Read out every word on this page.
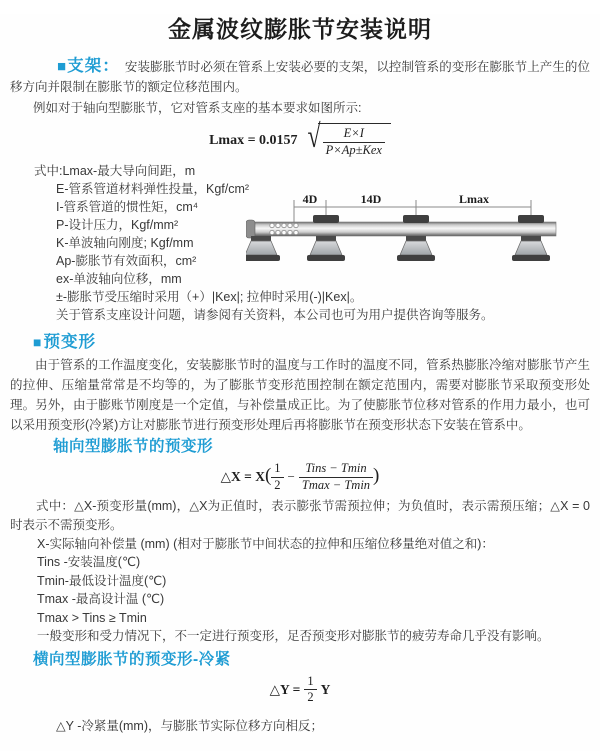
金属波纹膨胀节安装说明

■支架： 安装膨胀节时必须在管系上安装必要的支架，以控制管系的变形在膨胀节上产生的位移方向并限制在膨胀节的额定位移范围内。

例如对于轴向型膨胀节，它对管系支座的基本要求如图所示:

Lmax = 0.0157 √ $\frac{E\times I}{\text{P×Ap±Kex}}$

式中:Lmax-最大导向间距，m

E-管系管道材料弹性投量，Kgf/cm²

I-管系管道的惯性矩，cm⁴

P-设计压力，Kgf/mm²

K-单波轴向刚度; Kgf/mm

Ap-膨胀节有效面积，cm²

ex-单波轴向位移，mm

±-膨胀节受压缩时采用（+）|Kex|; 拉伸时采用(-)|Kex|。

关于管系支座设计问题，请参阅有关资料，本公司也可为用户提供咨询等服务。

4D	14D	Lmax
■预变形

由于管系的工作温度变化，安装膨胀节时的温度与工作时的温度不同，管系热膨胀冷缩对膨胀节产生的拉伸、压缩量常常是不均等的，为了膨胀节变形范围控制在额定范围内，需要对膨胀节采取预变形处理。另外，由于膨账节刚度是一个定值，与补偿量成正比。为了使膨胀节位移对管系的作用力最小，也可以采用预变形(冷紧)方让对膨胀节进行预变形处理后再将膨胀节在预变形状态下安装在管系中。

轴向型膨胀节的预变形
△X = $X( \frac{1}{2} - \frac{\text{Tins − Tmin}}{Tmax - Tmin}$ )

式中：△X-预变形量(mm)，△X为正值时，表示膨张节需预拉伸；为负值时，表示需预压缩；△X = 0时表示不需预变形。

X-实际轴向补偿量 (mm) (相对于膨胀节中间状态的拉伸和压缩位移量绝对值之和)：

Tins -安装温度(℃)

Tmin-最低设计温度(℃)

Tmax -最高设计温 (℃)

Tmax > Tins ≥ Tmin

一般变形和受力情况下，不一定进行预变形，足否预变形对膨胀节的疲劳寿命几乎没有影响。

横向型膨胀节的预变形-冷紧
△Y = $\frac{1}{2}$ Y

△Y -冷紧量(mm)，与膨胀节实际位移方向相反；
